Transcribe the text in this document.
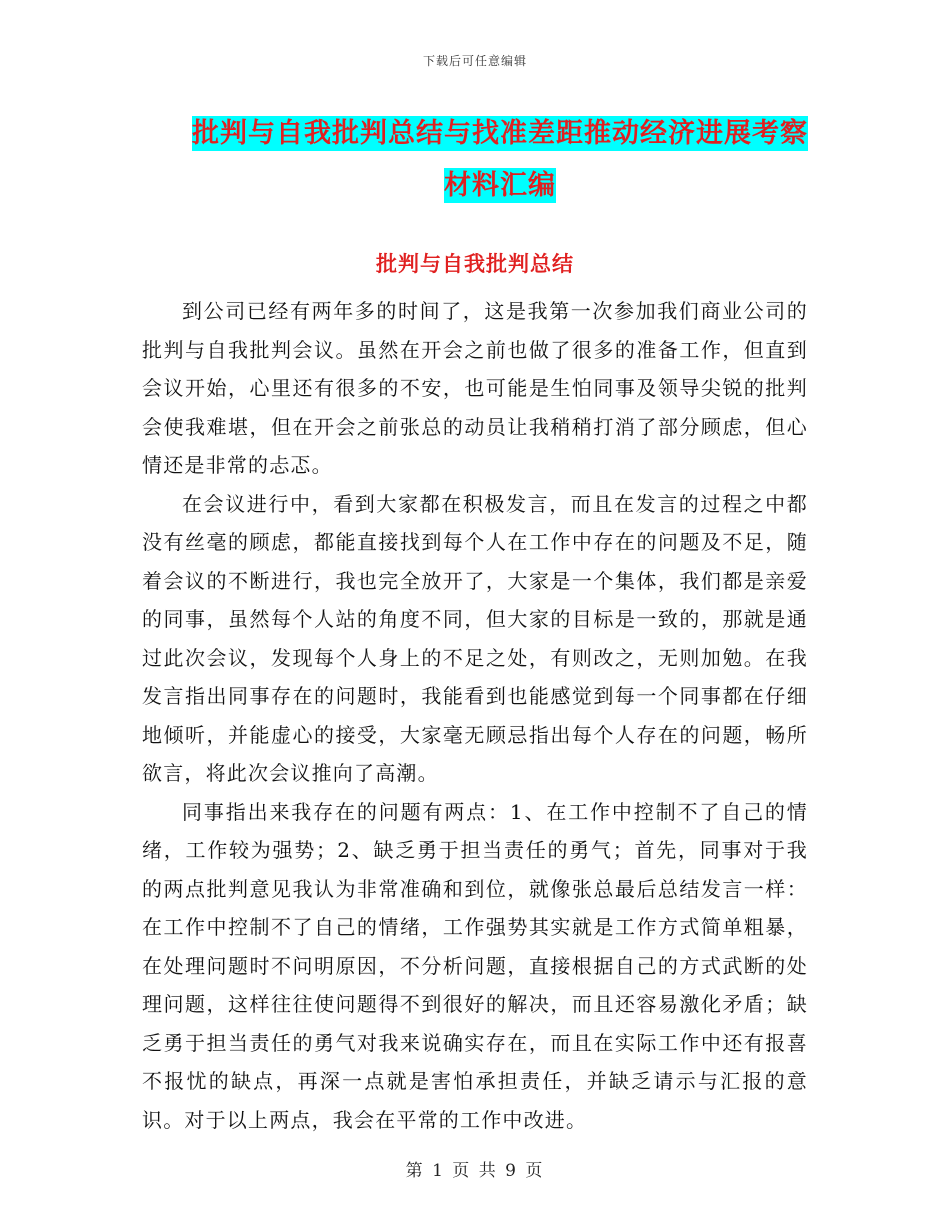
下载后可任意编辑
批判与自我批判总结与找准差距推动经济进展考察材料汇编
批判与自我批判总结

到公司已经有两年多的时间了，这是我第一次参加我们商业公司的批判与自我批判会议。虽然在开会之前也做了很多的准备工作，但直到会议开始，心里还有很多的不安，也可能是生怕同事及领导尖锐的批判会使我难堪，但在开会之前张总的动员让我稍稍打消了部分顾虑，但心情还是非常的忐忑。

在会议进行中，看到大家都在积极发言，而且在发言的过程之中都没有丝毫的顾虑，都能直接找到每个人在工作中存在的问题及不足，随着会议的不断进行，我也完全放开了，大家是一个集体，我们都是亲爱的同事，虽然每个人站的角度不同，但大家的目标是一致的，那就是通过此次会议，发现每个人身上的不足之处，有则改之，无则加勉。在我发言指出同事存在的问题时，我能看到也能感觉到每一个同事都在仔细地倾听，并能虚心的接受，大家毫无顾忌指出每个人存在的问题，畅所欲言，将此次会议推向了高潮。

同事指出来我存在的问题有两点：1、在工作中控制不了自己的情绪，工作较为强势；2、缺乏勇于担当责任的勇气；首先，同事对于我的两点批判意见我认为非常准确和到位，就像张总最后总结发言一样：在工作中控制不了自己的情绪，工作强势其实就是工作方式简单粗暴，在处理问题时不问明原因，不分析问题，直接根据自己的方式武断的处理问题，这样往往使问题得不到很好的解决，而且还容易激化矛盾；缺乏勇于担当责任的勇气对我来说确实存在，而且在实际工作中还有报喜不报忧的缺点，再深一点就是害怕承担责任，并缺乏请示与汇报的意识。对于以上两点，我会在平常的工作中改进。

第 1 页 共 9 页
